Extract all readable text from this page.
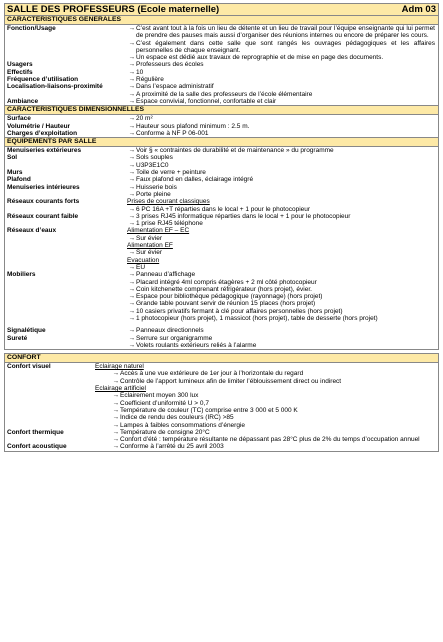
SALLE DES PROFESSEURS (Ecole maternelle)	Adm 03
CARACTERISTIQUES GENERALES
Fonction/Usage	→ C’est avant tout à la fois un lieu de détente et un lieu de travail pour l’équipe enseignante qui lui permet de prendre des pauses mais aussi d’organiser des réunions internes ou encore de préparer les cours.
→ C’est également dans cette salle que sont rangés les ouvrages pédagogiques et les affaires personnelles de chaque enseignant.
→ Un espace est dédié aux travaux de reprographie et de mise en page des documents.
Usagers	→ Professeurs des écoles
Effectifs	→ 10
Fréquence d’utilisation	→ Régulière
Localisation-liaisons-proximité	→ Dans l’espace administratif
→ A proximité de la salle des professeurs de l’école élémentaire
Ambiance	→ Espace convivial, fonctionnel, confortable et clair
CARACTERISTIQUES DIMENSIONNELLES
Surface	→ 20 m²
Volumétrie / Hauteur	→ Hauteur sous plafond minimum : 2.5 m.
Charges d’exploitation	→ Conforme à NF P 06-001
EQUIPEMENTS PAR SALLE
Menuiseries extérieures	→ Voir § « contraintes de durabilité et de maintenance » du programme
Sol	→ Sols souples
→ U3P3E1C0
Murs	→ Toile de verre + peinture
Plafond	→ Faux plafond en dalles, éclairage intégré
Menuiseries intérieures	→ Huisserie bois
→ Porte pleine
Réseaux courants forts	Prises de courant classiques
→ 6 PC 16A +T réparties dans le local + 1 pour le photocopieur
Réseaux courant faible	→ 3 prises RJ45 informatique réparties dans le local + 1 pour le photocopieur
→ 1 prise RJ45 téléphone
Réseaux d’eaux	Alimentation EF – EC
→ Sur évier
Alimentation EF
→ Sur évier
Evacuation
→ EU
Mobiliers	→ Panneau d’affichage
→ Placard intégré 4ml compris étagères + 2 ml côté photocopieur
→ Coin kitchenette comprenant réfrigérateur (hors projet), évier.
→ Espace pour bibliothèque pédagogique (rayonnage) (hors projet)
→ Grande table pouvant servir de réunion 15 places (hors projet)
→ 10 casiers privatifs fermant à clé pour affaires personnelles (hors projet)
→ 1 photocopieur (hors projet), 1 massicot (hors projet), table de desserte (hors projet)
Signalétique	→ Panneaux directionnels
Sureté	→ Serrure sur organigramme
→ Volets roulants extérieurs reliés à l’alarme
CONFORT
Confort visuel	Eclairage naturel
→ Accès à une vue extérieure de 1er jour à l’horizontale du regard
→ Contrôle de l’apport lumineux afin de limiter l’éblouissement direct ou indirect
Eclairage artificiel
→ Eclairement moyen 300 lux
→ Coefficient d’uniformité U > 0,7
→ Température de couleur (TC) comprise entre 3 000 et 5 000 K
→ Indice de rendu des couleurs (IRC) >85
→ Lampes à faibles consommations d’énergie
Confort thermique	→ Température de consigne 20°C
→ Confort d’été : température résultante ne dépassant pas 28°C plus de 2% du temps d’occupation annuel
Confort acoustique	→ Conforme à l’arrêté du 25 avril 2003
